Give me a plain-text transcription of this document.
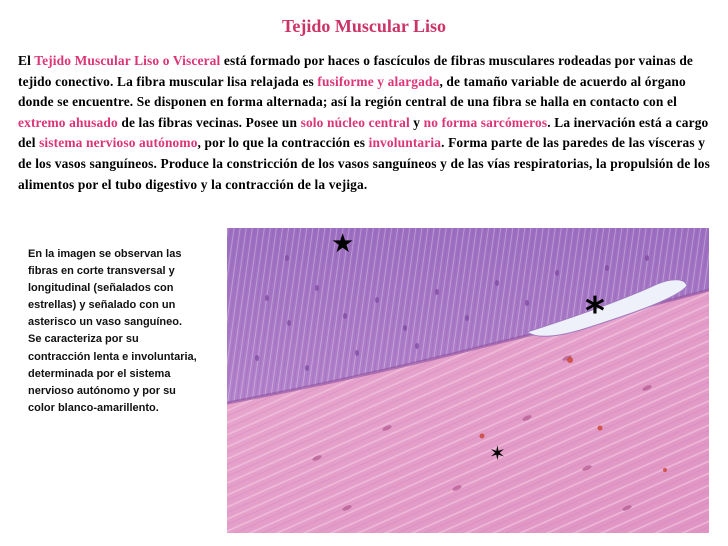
Tejido Muscular Liso
El Tejido Muscular Liso o Visceral está formado por haces o fascículos de fibras musculares rodeadas por vainas de tejido conectivo. La fibra muscular lisa relajada es fusiforme y alargada, de tamaño variable de acuerdo al órgano donde se encuentre. Se disponen en forma alternada; así la región central de una fibra se halla en contacto con el extremo ahusado de las fibras vecinas. Posee un solo núcleo central y no forma sarcómeros. La inervación está a cargo del sistema nervioso autónomo, por lo que la contracción es involuntaria. Forma parte de las paredes de las vísceras y de los vasos sanguíneos. Produce la constricción de los vasos sanguíneos y de las vías respiratorias, la propulsión de los alimentos por el tubo digestivo y la contracción de la vejiga.

En la imagen se observan las fibras en corte transversal y longitudinal (señalados con estrellas) y señalado con un asterisco un vaso sanguíneo.

Se caracteriza por su contracción lenta e involuntaria, determinada por el sistema nervioso autónomo y por su color blanco-amarillento.

★
*
✶
